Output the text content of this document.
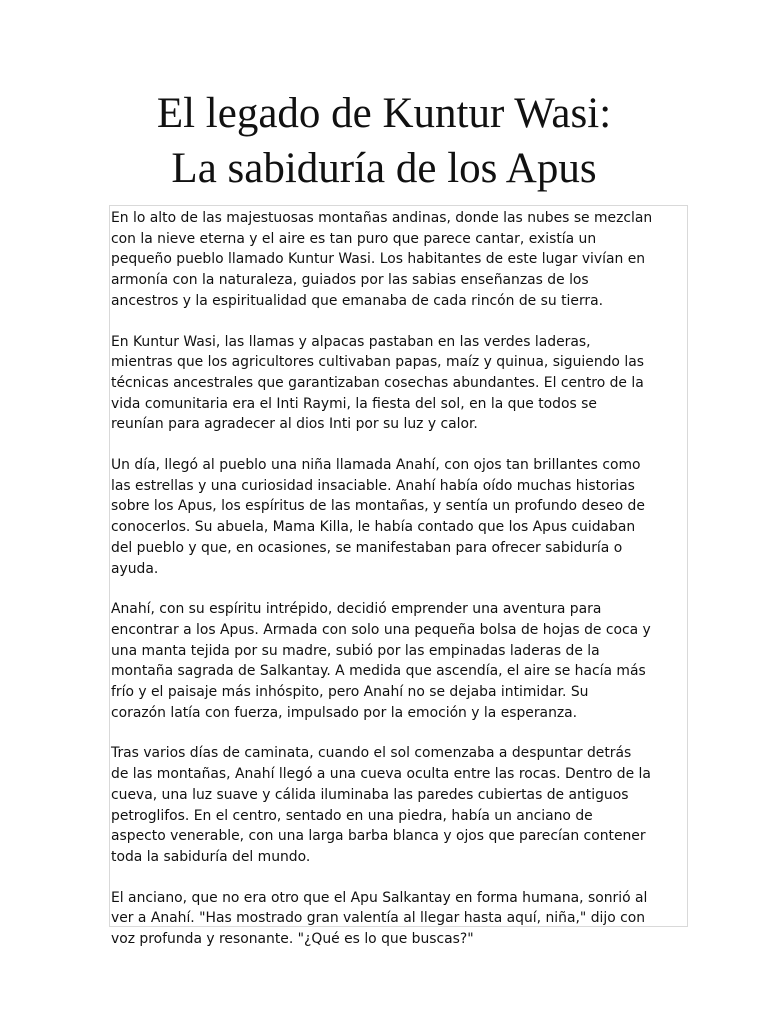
El legado de Kuntur Wasi:
La sabiduría de los Apus

En lo alto de las majestuosas montañas andinas, donde las nubes se mezclan
con la nieve eterna y el aire es tan puro que parece cantar, existía un
pequeño pueblo llamado Kuntur Wasi. Los habitantes de este lugar vivían en
armonía con la naturaleza, guiados por las sabias enseñanzas de los
ancestros y la espiritualidad que emanaba de cada rincón de su tierra.

En Kuntur Wasi, las llamas y alpacas pastaban en las verdes laderas,
mientras que los agricultores cultivaban papas, maíz y quinua, siguiendo las
técnicas ancestrales que garantizaban cosechas abundantes. El centro de la
vida comunitaria era el Inti Raymi, la fiesta del sol, en la que todos se
reunían para agradecer al dios Inti por su luz y calor.

Un día, llegó al pueblo una niña llamada Anahí, con ojos tan brillantes como
las estrellas y una curiosidad insaciable. Anahí había oído muchas historias
sobre los Apus, los espíritus de las montañas, y sentía un profundo deseo de
conocerlos. Su abuela, Mama Killa, le había contado que los Apus cuidaban
del pueblo y que, en ocasiones, se manifestaban para ofrecer sabiduría o
ayuda.

Anahí, con su espíritu intrépido, decidió emprender una aventura para
encontrar a los Apus. Armada con solo una pequeña bolsa de hojas de coca y
una manta tejida por su madre, subió por las empinadas laderas de la
montaña sagrada de Salkantay. A medida que ascendía, el aire se hacía más
frío y el paisaje más inhóspito, pero Anahí no se dejaba intimidar. Su
corazón latía con fuerza, impulsado por la emoción y la esperanza.

Tras varios días de caminata, cuando el sol comenzaba a despuntar detrás
de las montañas, Anahí llegó a una cueva oculta entre las rocas. Dentro de la
cueva, una luz suave y cálida iluminaba las paredes cubiertas de antiguos
petroglifos. En el centro, sentado en una piedra, había un anciano de
aspecto venerable, con una larga barba blanca y ojos que parecían contener
toda la sabiduría del mundo.

El anciano, que no era otro que el Apu Salkantay en forma humana, sonrió al
ver a Anahí. "Has mostrado gran valentía al llegar hasta aquí, niña," dijo con
voz profunda y resonante. "¿Qué es lo que buscas?"
